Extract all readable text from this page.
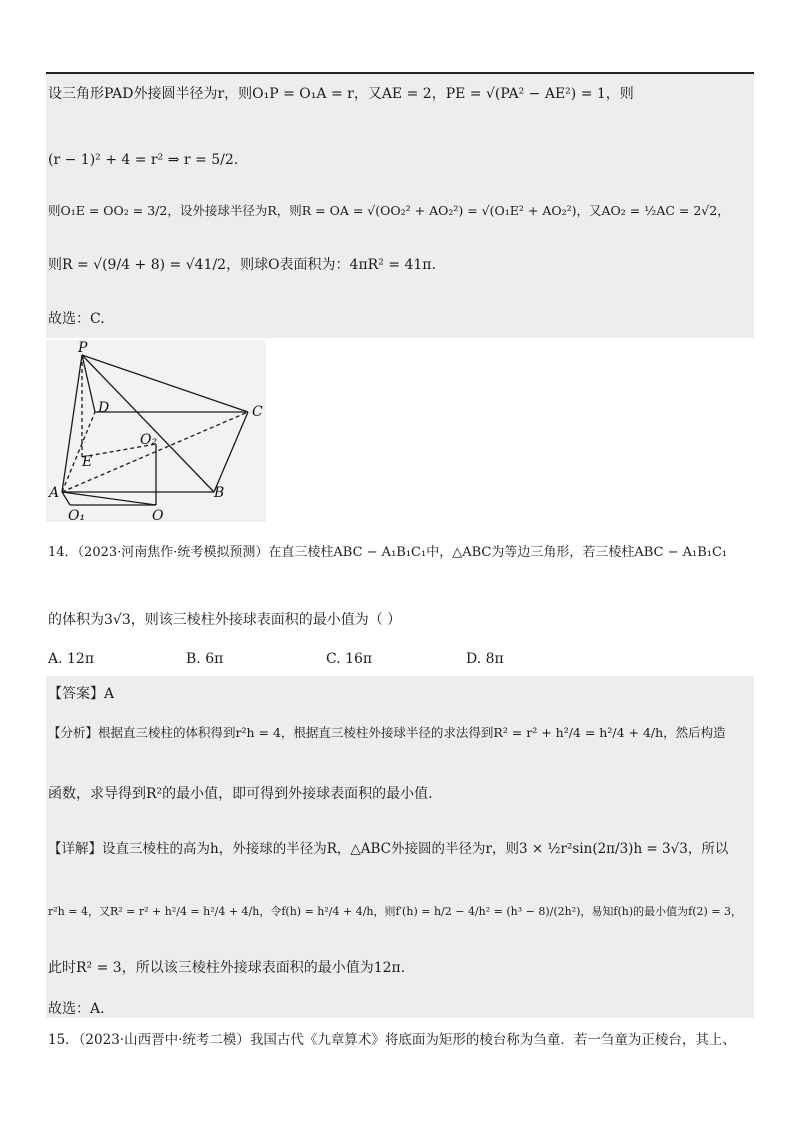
设三角形PAD外接圆半径为r，则O₁P = O₁A = r，又AE = 2，PE = √(PA² − AE²) = 1，则
(r − 1)² + 4 = r² ⇒ r = 5/2.
则O₁E = OO₂ = 3/2，设外接球半径为R，则R = OA = √(OO₂² + AO₂²) = √(O₁E² + AO₂²)，又AO₂ = ½AC = 2√2，
则R = √(9/4 + 8) = √41/2，则球O表面积为：4πR² = 41π.
故选：C.
P
D	C
O₂
E
A	B
O₁	O
14．（2023·河南焦作·统考模拟预测）在直三棱柱ABC − A₁B₁C₁中，△ABC为等边三角形，若三棱柱ABC − A₁B₁C₁
的体积为3√3，则该三棱柱外接球表面积的最小值为（ ）
A. 12π	B. 6π	C. 16π	D. 8π
【答案】A
【分析】根据直三棱柱的体积得到r²h = 4，根据直三棱柱外接球半径的求法得到R² = r² + h²/4 = h²/4 + 4/h，然后构造
函数，求导得到R²的最小值，即可得到外接球表面积的最小值.
【详解】设直三棱柱的高为h，外接球的半径为R，△ABC外接圆的半径为r，则3 × ½r²sin(2π/3)h = 3√3，所以
r²h = 4，又R² = r² + h²/4 = h²/4 + 4/h，令f(h) = h²/4 + 4/h，则f′(h) = h/2 − 4/h² = (h³ − 8)/(2h²)，易知f(h)的最小值为f(2) = 3，
此时R² = 3，所以该三棱柱外接球表面积的最小值为12π.
故选：A.
15．（2023·山西晋中·统考二模）我国古代《九章算术》将底面为矩形的棱台称为刍童．若一刍童为正棱台，其上、
